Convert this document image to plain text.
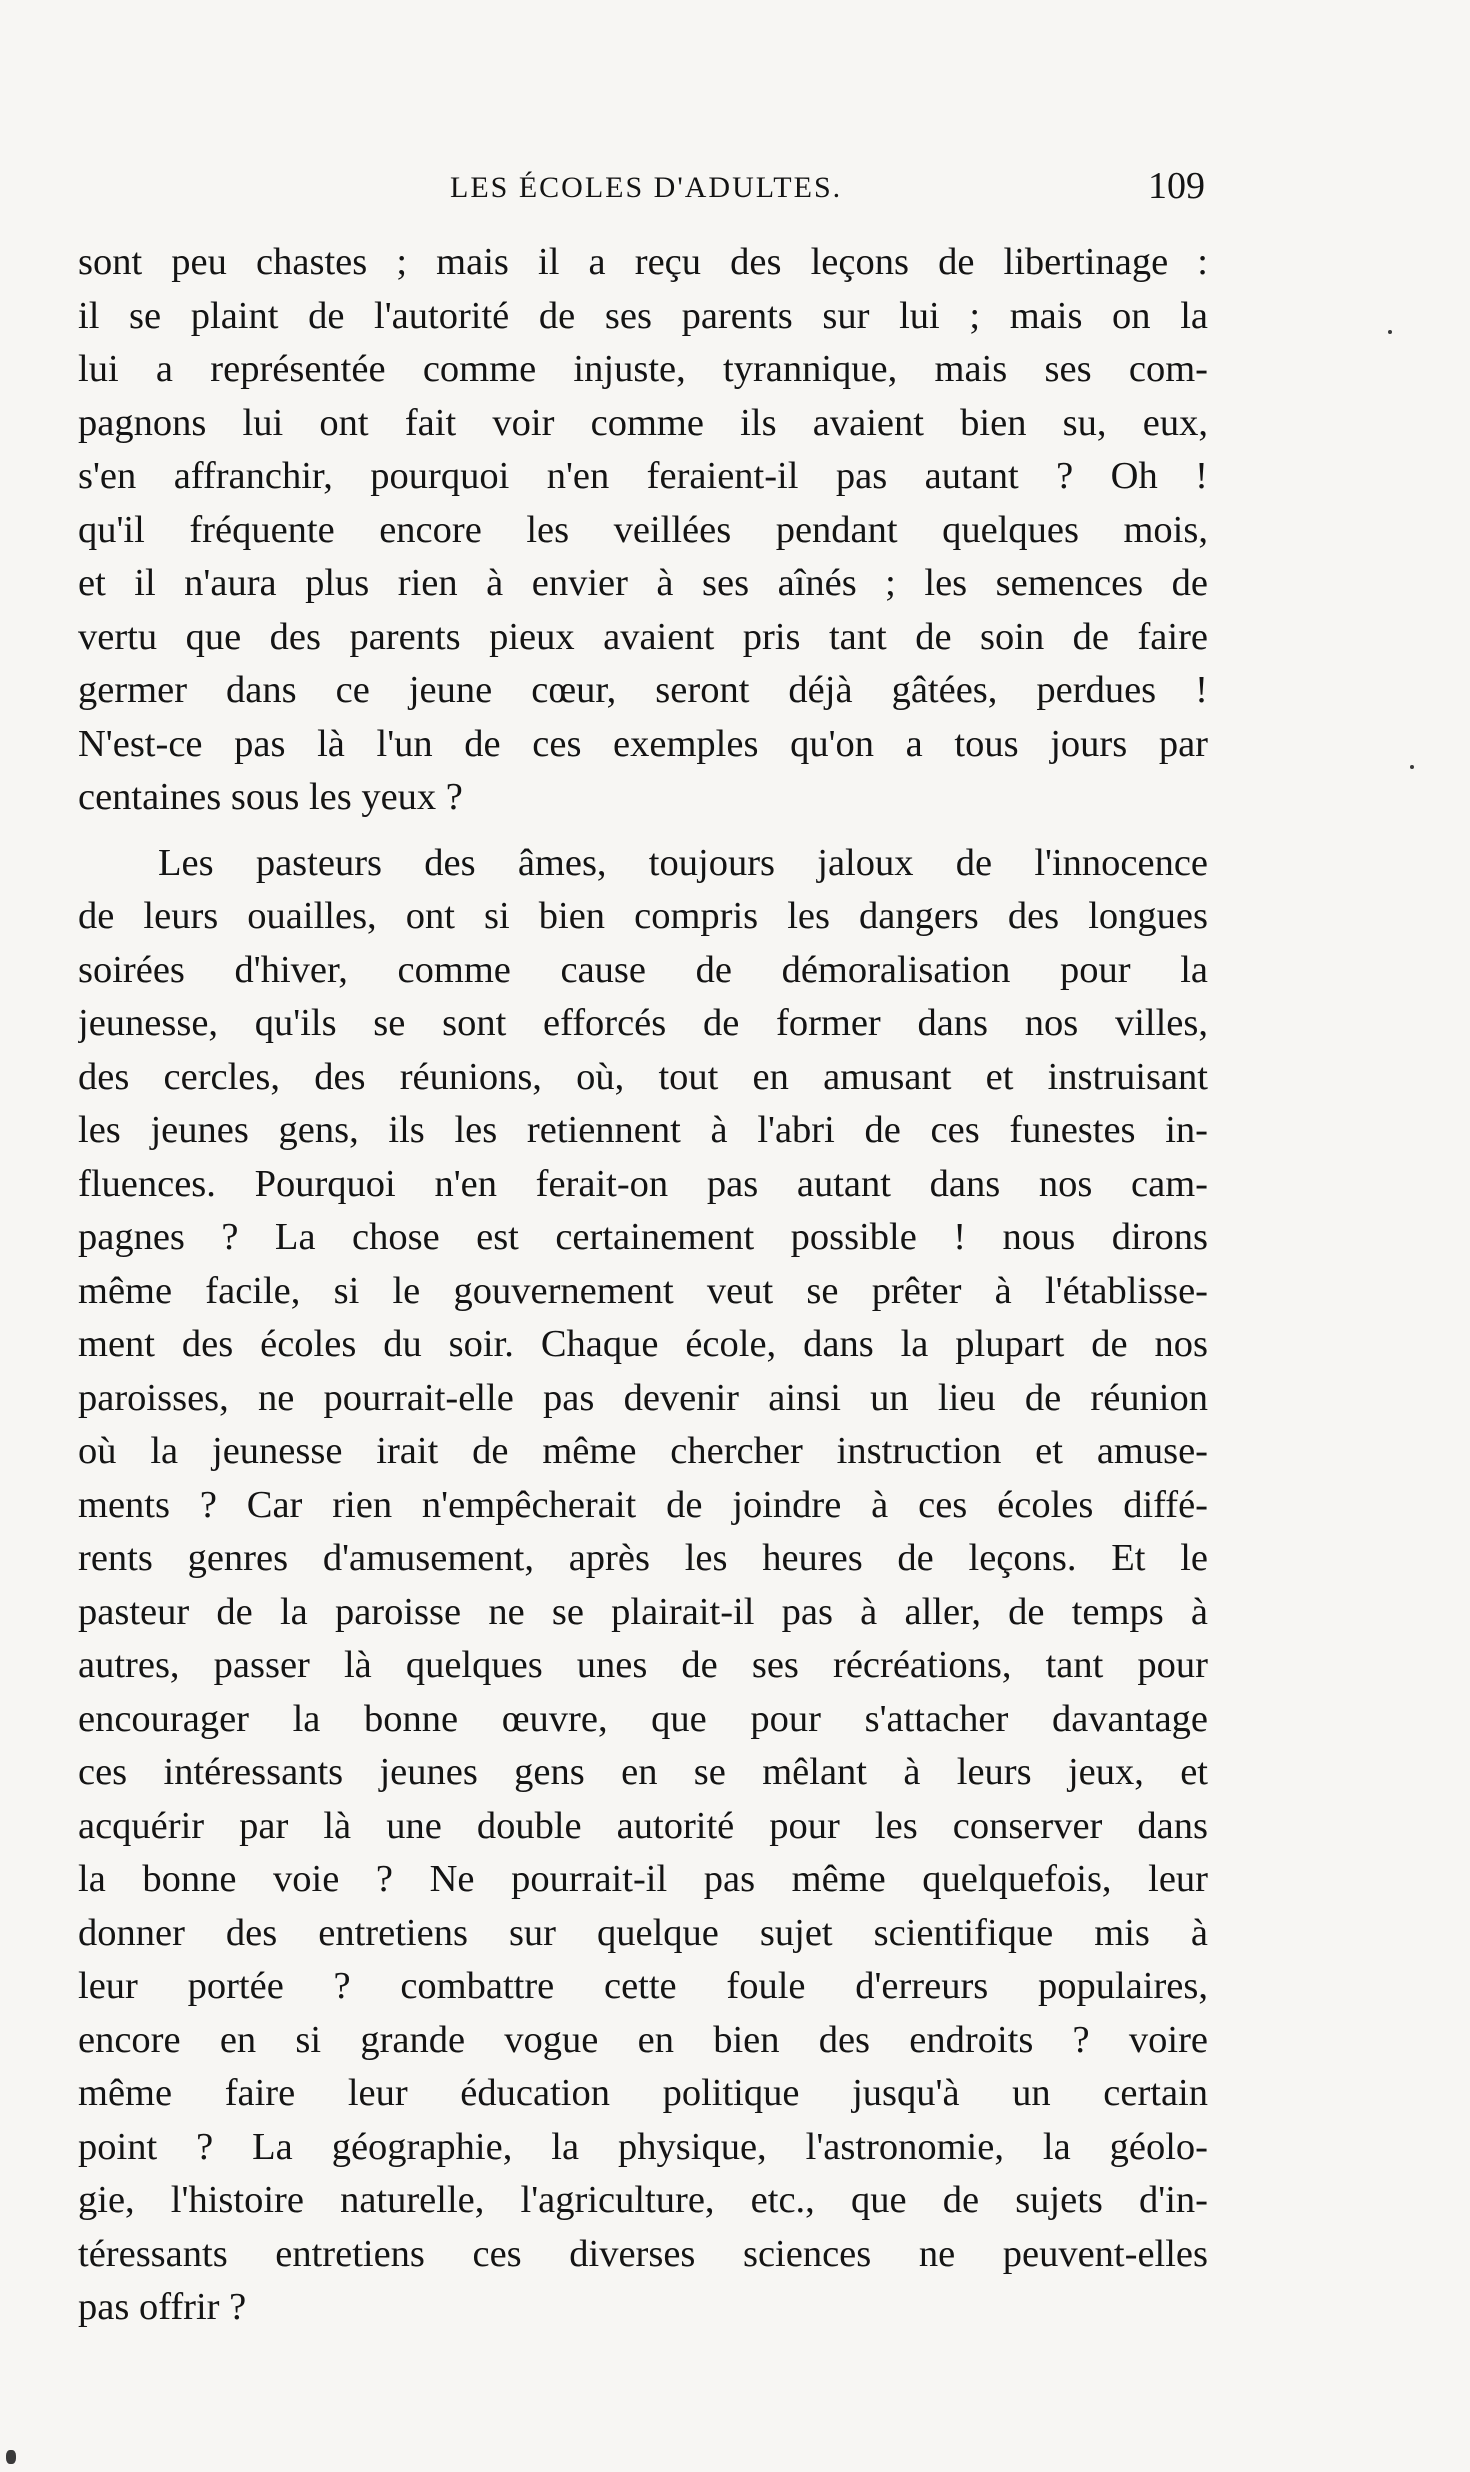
LES ÉCOLES D'ADULTES.	109
sont peu chastes ; mais il a reçu des leçons de libertinage :
il se plaint de l'autorité de ses parents sur lui ; mais on la
lui a représentée comme injuste, tyrannique, mais ses com-
pagnons lui ont fait voir comme ils avaient bien su, eux,
s'en affranchir, pourquoi n'en feraient-il pas autant ? Oh !
qu'il fréquente encore les veillées pendant quelques mois,
et il n'aura plus rien à envier à ses aînés ; les semences de
vertu que des parents pieux avaient pris tant de soin de faire
germer dans ce jeune cœur, seront déjà gâtées, perdues !
N'est-ce pas là l'un de ces exemples qu'on a tous jours par
centaines sous les yeux ?
Les pasteurs des âmes, toujours jaloux de l'innocence
de leurs ouailles, ont si bien compris les dangers des longues
soirées d'hiver, comme cause de démoralisation pour la
jeunesse, qu'ils se sont efforcés de former dans nos villes,
des cercles, des réunions, où, tout en amusant et instruisant
les jeunes gens, ils les retiennent à l'abri de ces funestes in-
fluences. Pourquoi n'en ferait-on pas autant dans nos cam-
pagnes ? La chose est certainement possible ! nous dirons
même facile, si le gouvernement veut se prêter à l'établisse-
ment des écoles du soir. Chaque école, dans la plupart de nos
paroisses, ne pourrait-elle pas devenir ainsi un lieu de réunion
où la jeunesse irait de même chercher instruction et amuse-
ments ? Car rien n'empêcherait de joindre à ces écoles diffé-
rents genres d'amusement, après les heures de leçons. Et le
pasteur de la paroisse ne se plairait-il pas à aller, de temps à
autres, passer là quelques unes de ses récréations, tant pour
encourager la bonne œuvre, que pour s'attacher davantage
ces intéressants jeunes gens en se mêlant à leurs jeux, et
acquérir par là une double autorité pour les conserver dans
la bonne voie ? Ne pourrait-il pas même quelquefois, leur
donner des entretiens sur quelque sujet scientifique mis à
leur portée ? combattre cette foule d'erreurs populaires,
encore en si grande vogue en bien des endroits ? voire
même faire leur éducation politique jusqu'à un certain
point ? La géographie, la physique, l'astronomie, la géolo-
gie, l'histoire naturelle, l'agriculture, etc., que de sujets d'in-
téressants entretiens ces diverses sciences ne peuvent-elles
pas offrir ?
